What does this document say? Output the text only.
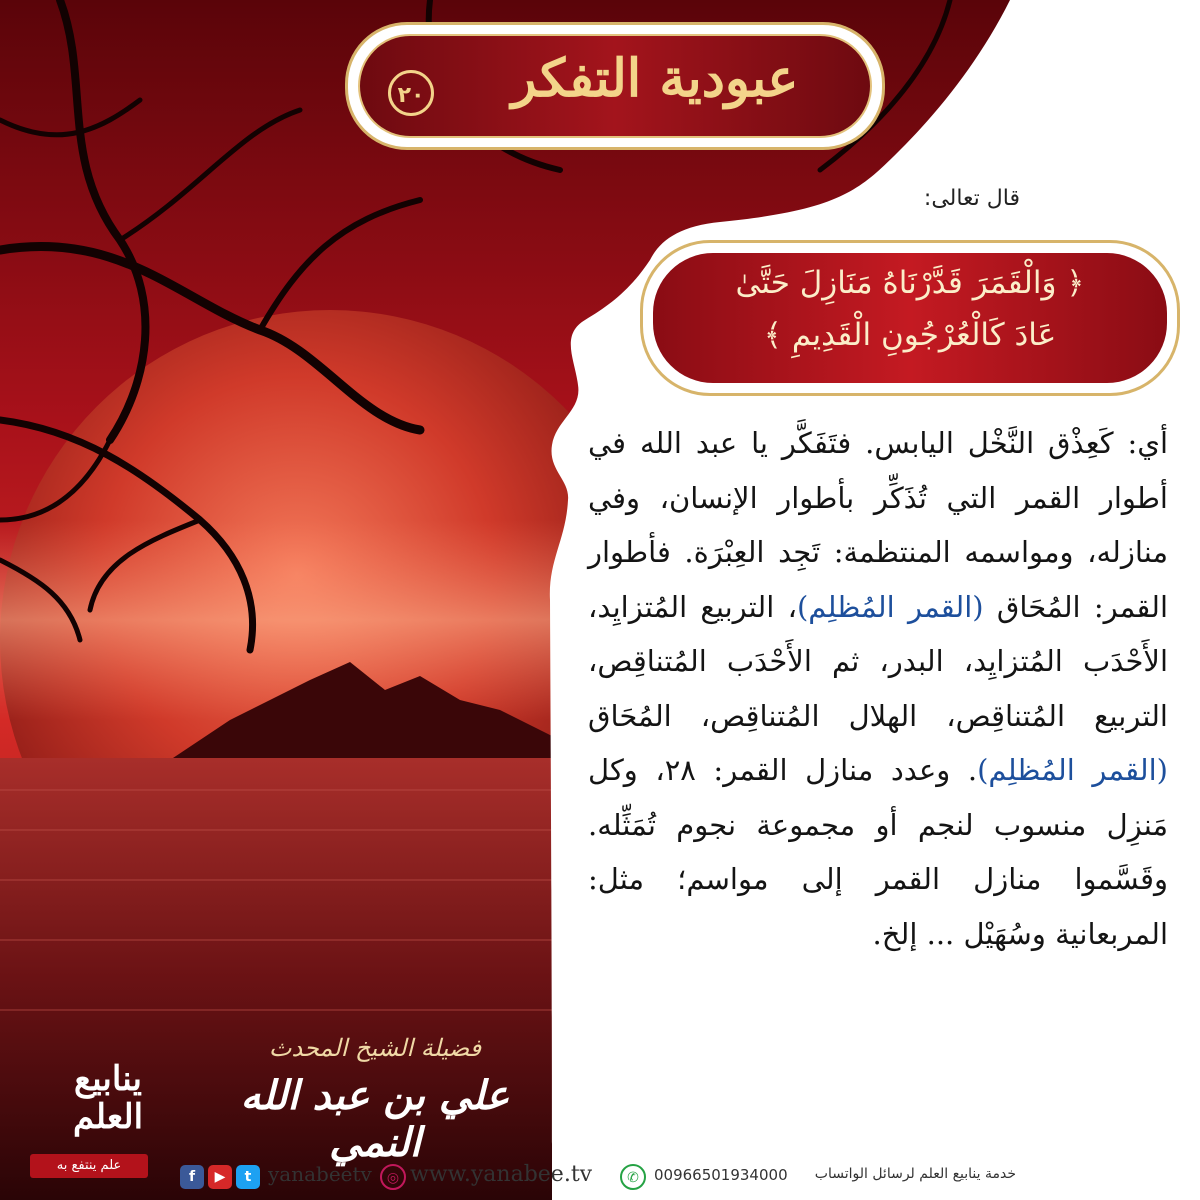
٢٠	عبودية التفكر
قال تعالى:
﴿ وَالْقَمَرَ قَدَّرْنَاهُ مَنَازِلَ حَتَّىٰ
عَادَ كَالْعُرْجُونِ الْقَدِيمِ ﴾
أي: كَعِذْق النَّخْل اليابس. فتَفَكَّر يا عبد الله في أطوار القمر التي تُذَكِّر بأطوار الإنسان، وفي منازله، ومواسمه المنتظمة: تَجِد العِبْرَة. فأطوار القمر: المُحَاق (القمر المُظلِم)، التربيع المُتزايِد، الأَحْدَب المُتزايِد، البدر، ثم الأَحْدَب المُتناقِص، التربيع المُتناقِص، الهلال المُتناقِص، المُحَاق (القمر المُظلِم). وعدد منازل القمر: ٢٨، وكل مَنزِل منسوب لنجم أو مجموعة نجوم تُمَثِّله. وقَسَّموا منازل القمر إلى مواسم؛ مثل: المربعانية وسُهَيْل ... إلخ.
فضيلة الشيخ المحدث
علي بن عبد الله النمي
ينابيع العلم
علم ينتفع به
f	▶	t yanabeetv	◎ www.yanabee.tv	✆	00966501934000	خدمة ينابيع العلم لرسائل الواتساب
